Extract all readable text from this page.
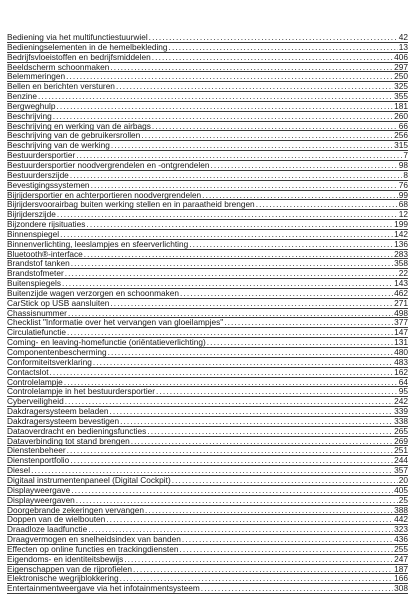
Bediening via het multifunctiestuurwiel . . .	42
Bedieningselementen in de hemelbekleding . . .	13
Bedrijfsvloeistoffen en bedrijfsmiddelen . . .	406
Beeldscherm schoonmaken . . .	297
Belemmeringen . . .	250
Bellen en berichten versturen . . .	325
Benzine . . .	355
Bergweghulp . . .	181
Beschrijving . . .	260
Beschrijving en werking van de airbags . . .	66
Beschrijving van de gebruikersrollen . . .	256
Beschrijving van de werking . . .	315
Bestuurdersportier . . .	7
Bestuurdersportier noodvergrendelen en -ontgrendelen . . .	98
Bestuurderszijde . . .	8
Bevestigingssystemen . . .	76
Bijrijdersportier en achterportieren noodvergrendelen . . .	99
Bijrijdersvoorairbag buiten werking stellen en in paraatheid brengen . . .	68
Bijrijderszijde . . .	12
Bijzondere rijsituaties . . .	199
Binnenspiegel . . .	142
Binnenverlichting, leeslampjes en sfeerverlichting . . .	136
Bluetooth®-interface . . .	283
Brandstof tanken . . .	358
Brandstofmeter . . .	22
Buitenspiegels . . .	143
Buitenzijde wagen verzorgen en schoonmaken . . .	462
CarStick op USB aansluiten . . .	271
Chassisnummer . . .	498
Checklist "Informatie over het vervangen van gloeilampjes" . . .	377
Circulatiefunctie . . .	147
Coming- en leaving-homefunctie (oriëntatieverlichting) . . .	131
Componentenbescherming . . .	480
Conformiteitsverklaring . . .	483
Contactslot . . .	162
Controlelampje . . .	64
Controlelampje in het bestuurdersportier . . .	95
Cyberveiligheid . . .	242
Dakdragersysteem beladen . . .	339
Dakdragersysteem bevestigen . . .	338
Dataoverdracht en bedieningsfuncties . . .	265
Dataverbinding tot stand brengen . . .	269
Dienstenbeheer . . .	251
Dienstenportfolio . . .	244
Diesel . . .	357
Digitaal instrumentenpaneel (Digital Cockpit) . . .	20
Displayweergave . . .	405
Displayweergaven . . .	25
Doorgebrande zekeringen vervangen . . .	388
Doppen van de wielbouten . . .	442
Draadloze laadfunctie . . .	323
Draagvermogen en snelheidsindex van banden . . .	436
Effecten op online functies en trackingdiensten . . .	255
Eigendoms- en identiteitsbewijs . . .	247
Eigenschappen van de rijprofielen . . .	187
Elektronische wegrijblokkering . . .	166
Entertainmentweergave via het infotainmentsysteem . . .	308
